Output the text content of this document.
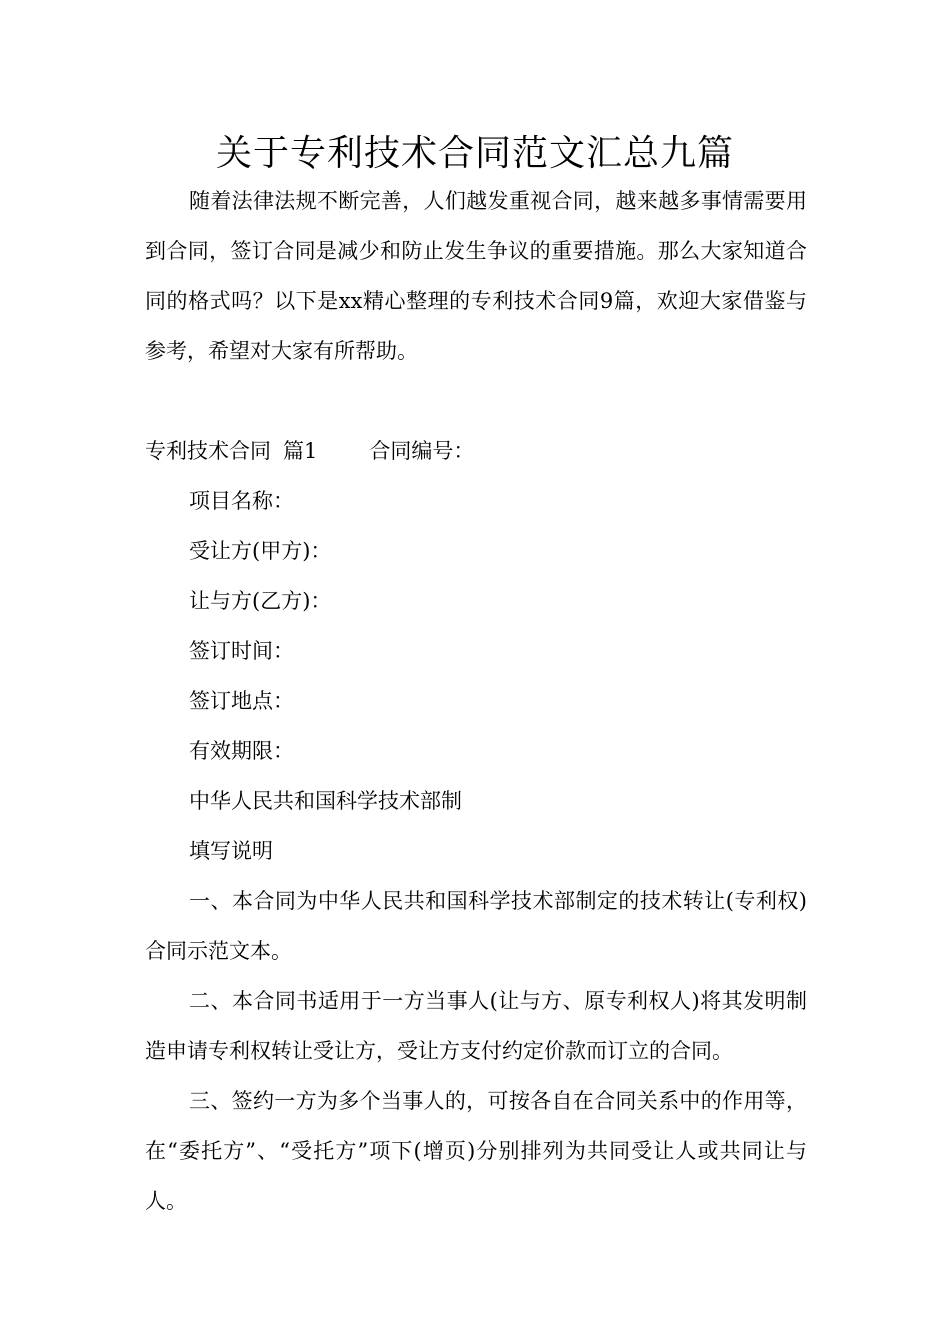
关于专利技术合同范文汇总九篇

随着法律法规不断完善，人们越发重视合同，越来越多事情需要用到合同，签订合同是减少和防止发生争议的重要措施。那么大家知道合同的格式吗？以下是xx精心整理的专利技术合同9篇，欢迎大家借鉴与参考，希望对大家有所帮助。

专利技术合同 篇1 合同编号：

项目名称：

受让方(甲方)：

让与方(乙方)：

签订时间：

签订地点：

有效期限：

中华人民共和国科学技术部制

填写说明

一、本合同为中华人民共和国科学技术部制定的技术转让(专利权)合同示范文本。

二、本合同书适用于一方当事人(让与方、原专利权人)将其发明制造申请专利权转让受让方，受让方支付约定价款而订立的合同。

三、签约一方为多个当事人的，可按各自在合同关系中的作用等，在“委托方”、“受托方”项下(增页)分别排列为共同受让人或共同让与人。
